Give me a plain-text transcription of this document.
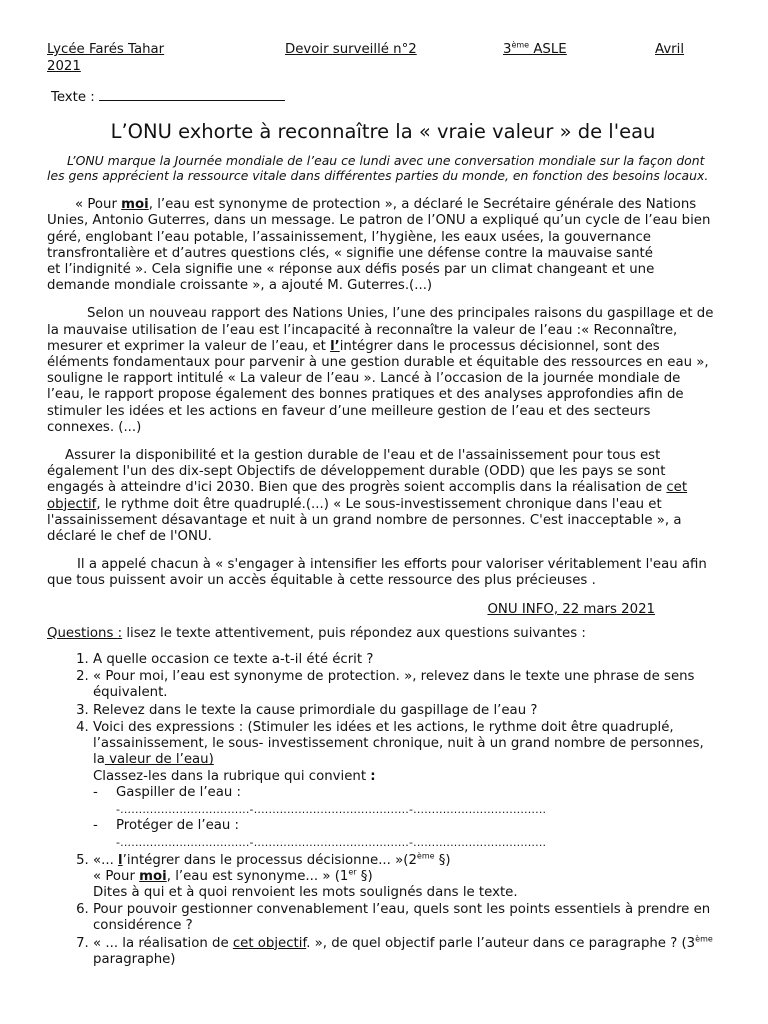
Lycée Farés Tahar	Devoir surveillé n°2	3ème ASLE	Avril
2021
Texte :
L’ONU exhorte à reconnaître la « vraie valeur » de l'eau

L’ONU marque la Journée mondiale de l’eau ce lundi avec une conversation mondiale sur la façon dont les gens apprécient la ressource vitale dans différentes parties du monde, en fonction des besoins locaux.

« Pour moi, l’eau est synonyme de protection », a déclaré le Secrétaire générale des Nations Unies, Antonio Guterres, dans un message. Le patron de l’ONU a expliqué qu’un cycle de l’eau bien géré, englobant l’eau potable, l’assainissement, l’hygiène, les eaux usées, la gouvernance transfrontalière et d’autres questions clés, « signifie une défense contre la mauvaise santé                   et l’indignité ». Cela signifie une « réponse aux défis posés par un climat changeant et une demande mondiale croissante », a ajouté M. Guterres.(...)

Selon un nouveau rapport des Nations Unies, l’une des principales raisons du gaspillage et de la mauvaise utilisation de l’eau est l’incapacité à reconnaître la valeur de l’eau :« Reconnaître, mesurer et exprimer la valeur de l’eau, et l’intégrer dans le processus décisionnel, sont des éléments fondamentaux pour parvenir à une gestion durable et équitable des ressources en eau », souligne le rapport intitulé « La valeur de l’eau ». Lancé à l’occasion de la journée mondiale de l’eau, le rapport propose également des bonnes pratiques et des analyses approfondies afin de stimuler les idées et les actions en faveur d’une meilleure gestion de l’eau et des secteurs connexes. (...)

Assurer la disponibilité et la gestion durable de l'eau et de l'assainissement pour tous est également l'un des dix-sept Objectifs de développement durable (ODD) que les pays se sont engagés à atteindre d'ici 2030. Bien que des progrès soient accomplis dans la réalisation de cet objectif, le rythme doit être quadruplé.(...) « Le sous-investissement chronique dans l'eau et l'assainissement désavantage et nuit à un grand nombre de personnes. C'est inacceptable », a déclaré le chef de l'ONU.

Il a appelé chacun à « s'engager à intensifier les efforts pour valoriser véritablement l'eau afin que tous puissent avoir un accès équitable à cette ressource des plus précieuses .

ONU INFO, 22 mars 2021
Questions : lisez le texte attentivement, puis répondez aux questions suivantes :
1. A quelle occasion ce texte a-t-il été écrit ?
2. « Pour moi, l’eau est synonyme de protection. », relevez dans le texte une phrase de sens équivalent.
3. Relevez dans le texte la cause primordiale du gaspillage de l’eau ?
4. Voici des expressions : (Stimuler les idées et les actions, le rythme doit être quadruplé, l’assainissement, le sous- investissement chronique, nuit à un grand nombre de personnes, la valeur de l’eau)
Classez-les dans la rubrique qui convient :
- Gaspiller de l’eau :
-...................................-..........................................-....................................
- Protéger de l’eau :
-...................................-..........................................-....................................
5. «... l’intégrer dans le processus décisionne... »(2ème §)
« Pour moi, l’eau est synonyme... » (1er §)
Dites à qui et à quoi renvoient les mots soulignés dans le texte.
6. Pour pouvoir gestionner convenablement l’eau, quels sont les points essentiels à prendre en considérence ?
7. « ... la réalisation de cet objectif. », de quel objectif parle l’auteur dans ce paragraphe ? (3ème paragraphe)
